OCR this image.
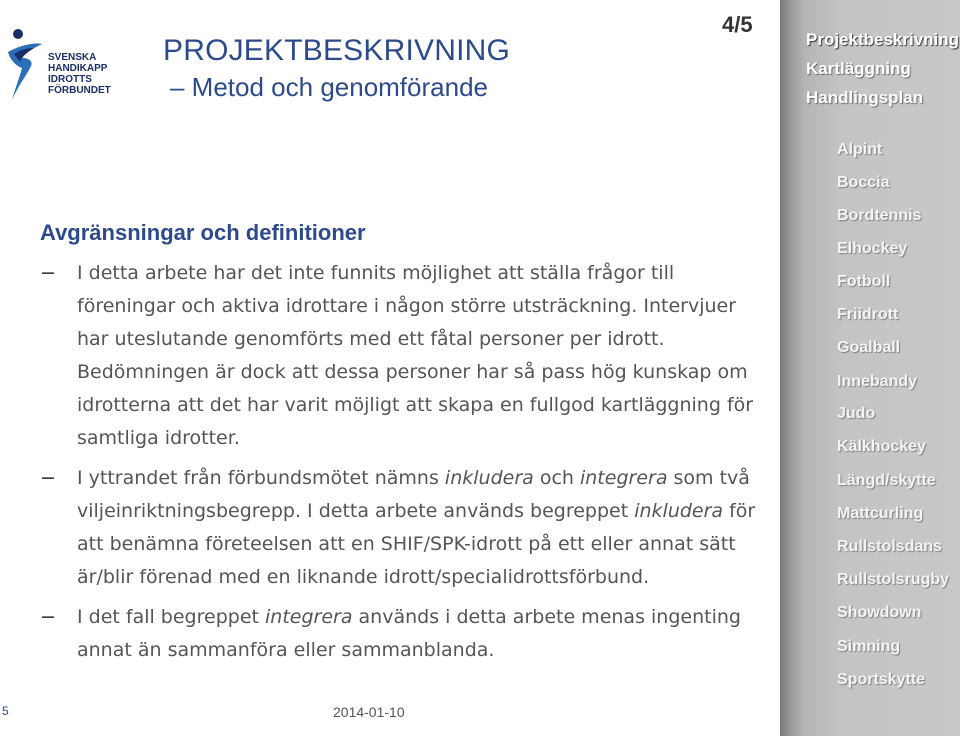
SVENSKA
HANDIKAPP
IDROTTS
FÖRBUNDET
PROJEKTBESKRIVNING
– Metod och genomförande
4/5
Avgränsningar och definitioner
− I detta arbete har det inte funnits möjlighet att ställa frågor till föreningar och aktiva idrottare i någon större utsträckning. Intervjuer har uteslutande genomförts med ett fåtal personer per idrott. Bedömningen är dock att dessa personer har så pass hög kunskap om idrotterna att det har varit möjligt att skapa en fullgod kartläggning för samtliga idrotter.
− I yttrandet från förbundsmötet nämns inkludera och integrera som två viljeinriktningsbegrepp. I detta arbete används begreppet inkludera för att benämna företeelsen att en SHIF/SPK-idrott på ett eller annat sätt är/blir förenad med en liknande idrott/specialidrottsförbund.
− I det fall begreppet integrera används i detta arbete menas ingenting annat än sammanföra eller sammanblanda.
5	2014-01-10
Projektbeskrivning
Kartläggning
Handlingsplan
Alpint
Boccia
Bordtennis
Elhockey
Fotboll
Friidrott
Goalball
Innebandy
Judo
Kälkhockey
Längd/skytte
Mattcurling
Rullstolsdans
Rullstolsrugby
Showdown
Simning
Sportskytte
